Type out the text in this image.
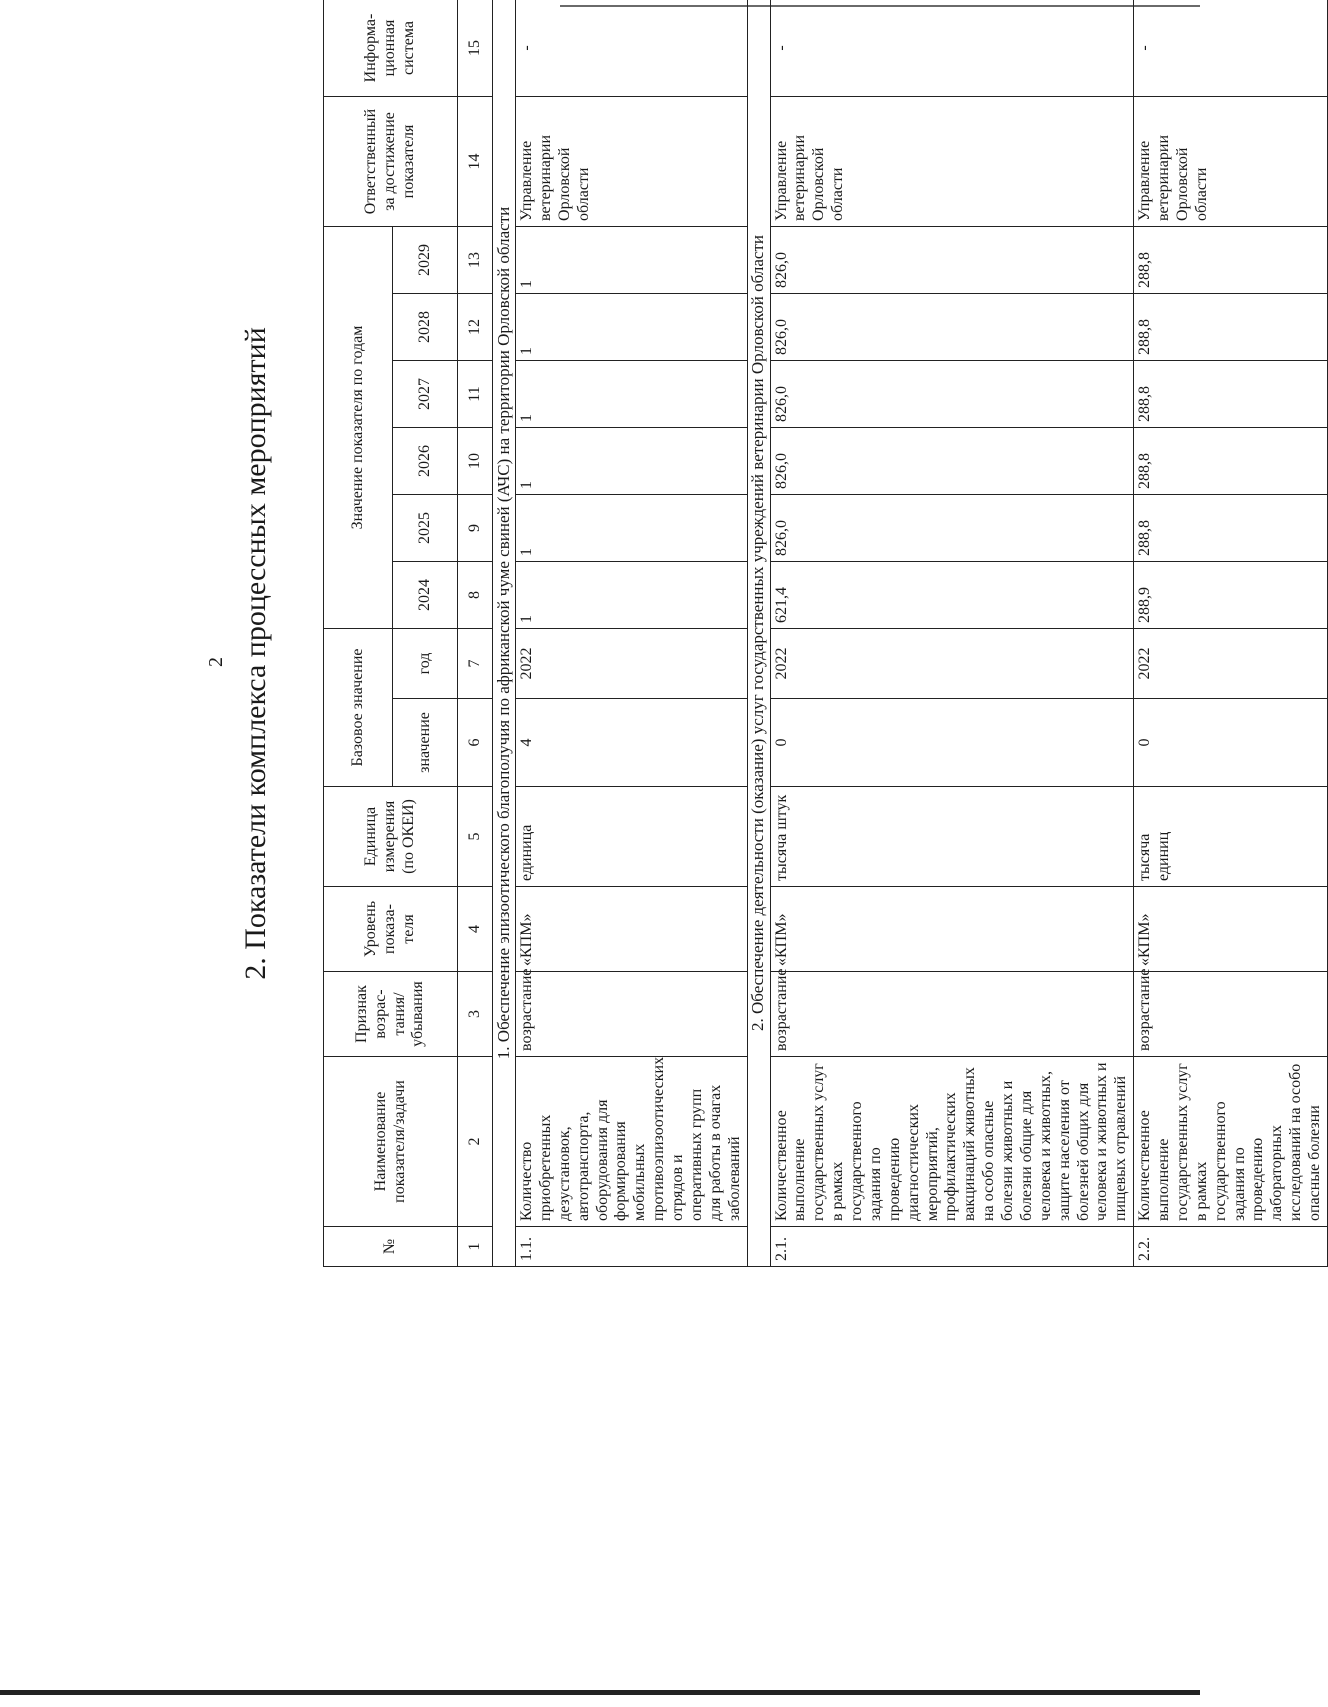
2 2. Показатели комплекса процессных мероприятий
№	Наименование показателя/задачи	Признак возрас-тания/ убывания	Уровень показа-теля	Единица измерения (по ОКЕИ)	Базовое значение		Значение показателя по годам						Ответственный за достижение показателя	Информа-ционная система
					значение	год	2024	2025	2026	2027	2028	2029		
1	2	3	4	5	6	7	8	9	10	11	12	13	14	15
1. Обеспечение эпизоотического благополучия по африканской чуме свиней (АЧС) на территории Орловской области														
1.1.	Количество приобретенных дезустановок, автотранспорта, оборудования для формирования мобильных противоэпизоотических отрядов и оперативных групп для работы в очагах заболеваний	возрастание	«КПМ»	единица	4	2022	1	1	1	1	1	1	Управление ветеринарии Орловской области	-
2. Обеспечение деятельности (оказание) услуг государственных учреждений ветеринарии Орловской области														
2.1.	Количественное выполнение государственных услуг в рамках государственного задания по проведению диагностических мероприятий, профилактических вакцинаций животных на особо опасные болезни животных и болезни общие для человека и животных, защите населения от болезней общих для человека и животных и пищевых отравлений	возрастание	«КПМ»	тысяча штук	0	2022	621,4	826,0	826,0	826,0	826,0	826,0	Управление ветеринарии Орловской области	-
2.2.	Количественное выполнение государственных услуг в рамках государственного задания по проведению лабораторных исследований на особо опасные болезни	возрастание	«КПМ»	тысяча единиц	0	2022	288,9	288,8	288,8	288,8	288,8	288,8	Управление ветеринарии Орловской области	-
